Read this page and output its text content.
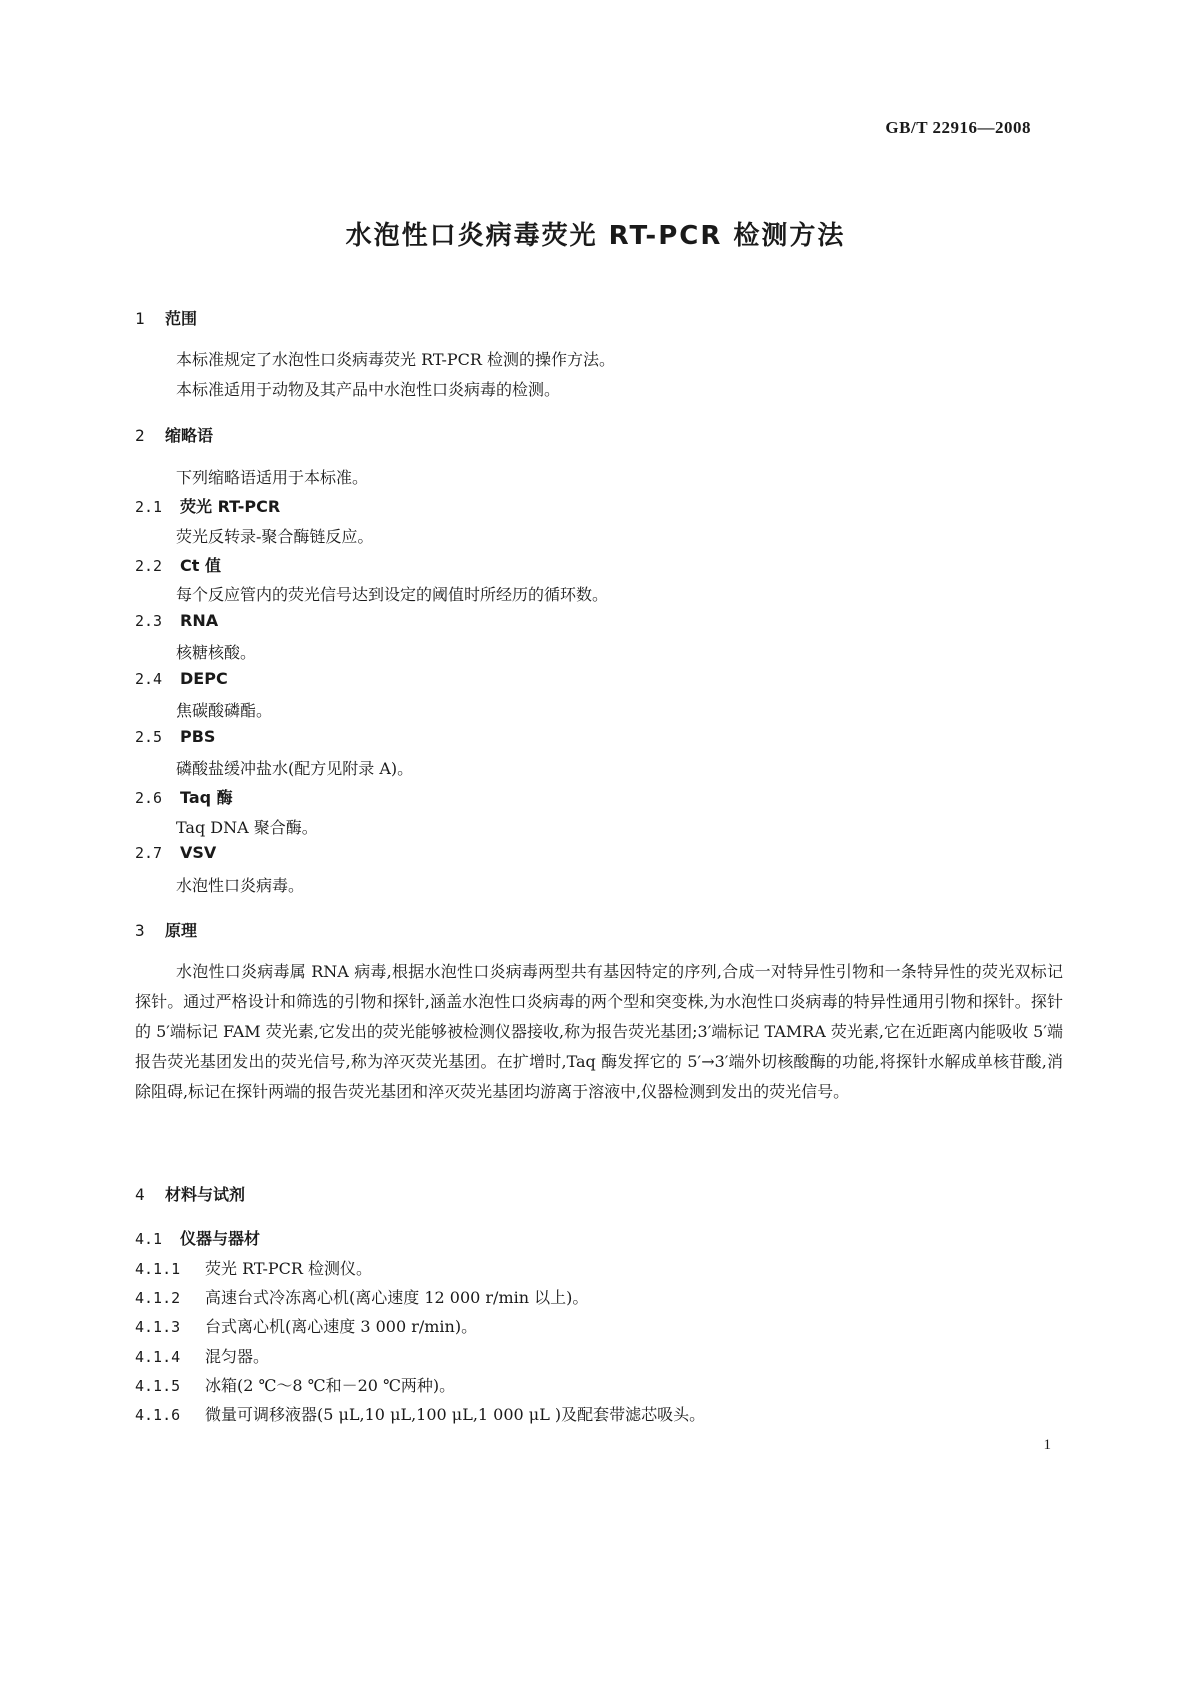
GB/T 22916—2008
水泡性口炎病毒荧光 RT-PCR 检测方法
1 范围
本标准规定了水泡性口炎病毒荧光 RT-PCR 检测的操作方法。
本标准适用于动物及其产品中水泡性口炎病毒的检测。
2 缩略语
下列缩略语适用于本标准。
2.1 荧光 RT-PCR
荧光反转录-聚合酶链反应。
2.2 Ct 值
每个反应管内的荧光信号达到设定的阈值时所经历的循环数。
2.3 RNA
核糖核酸。
2.4 DEPC
焦碳酸磷酯。
2.5 PBS
磷酸盐缓冲盐水(配方见附录 A)。
2.6 Taq 酶
Taq DNA 聚合酶。
2.7 VSV
水泡性口炎病毒。
3 原理
水泡性口炎病毒属 RNA 病毒,根据水泡性口炎病毒两型共有基因特定的序列,合成一对特异性引物和一条特异性的荧光双标记探针。通过严格设计和筛选的引物和探针,涵盖水泡性口炎病毒的两个型和突变株,为水泡性口炎病毒的特异性通用引物和探针。探针的 5′端标记 FAM 荧光素,它发出的荧光能够被检测仪器接收,称为报告荧光基团;3′端标记 TAMRA 荧光素,它在近距离内能吸收 5′端报告荧光基团发出的荧光信号,称为淬灭荧光基团。在扩增时,Taq 酶发挥它的 5′→3′端外切核酸酶的功能,将探针水解成单核苷酸,消除阻碍,标记在探针两端的报告荧光基团和淬灭荧光基团均游离于溶液中,仪器检测到发出的荧光信号。
4 材料与试剂
4.1 仪器与器材
4.1.1 荧光 RT-PCR 检测仪。
4.1.2 高速台式冷冻离心机(离心速度 12 000 r/min 以上)。
4.1.3 台式离心机(离心速度 3 000 r/min)。
4.1.4 混匀器。
4.1.5 冰箱(2 ℃～8 ℃和－20 ℃两种)。
4.1.6 微量可调移液器(5 μL,10 μL,100 μL,1 000 μL )及配套带滤芯吸头。
1
